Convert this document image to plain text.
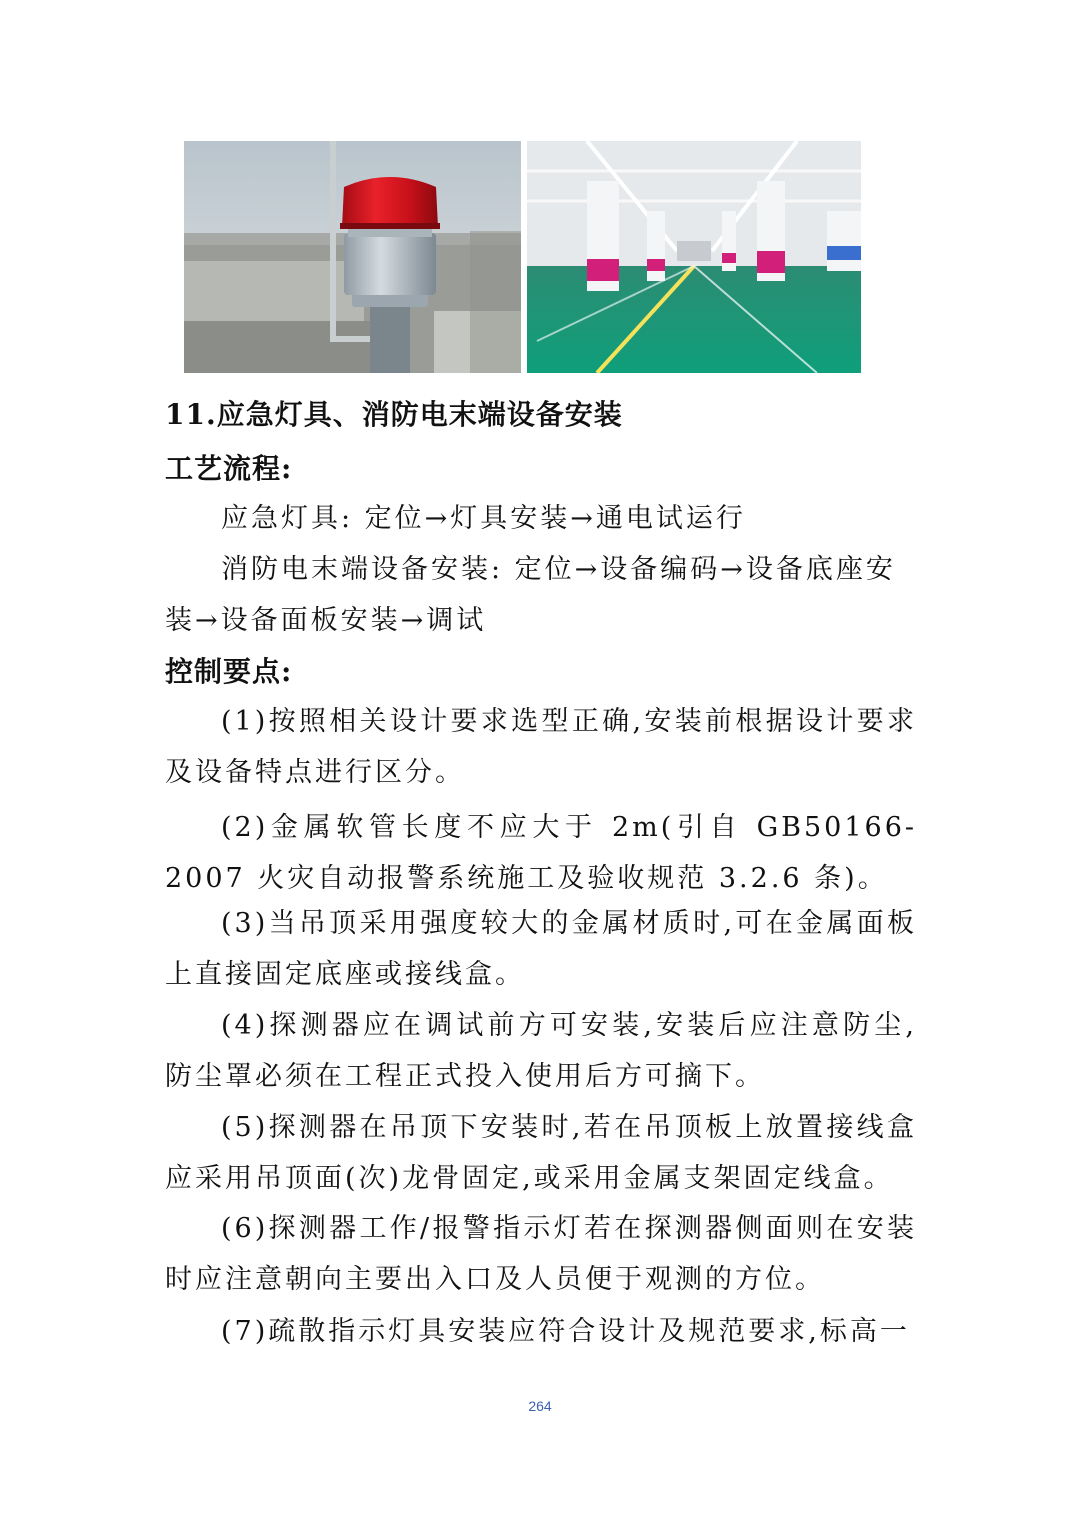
11.应急灯具、消防电末端设备安装
工艺流程:

应急灯具: 定位→灯具安装→通电试运行

消防电末端设备安装: 定位→设备编码→设备底座安装→设备面板安装→调试

控制要点:

(1)按照相关设计要求选型正确,安装前根据设计要求及设备特点进行区分。

(2)金属软管长度不应大于 2m(引自 GB50166-2007 火灾自动报警系统施工及验收规范 3.2.6 条)。

(3)当吊顶采用强度较大的金属材质时,可在金属面板上直接固定底座或接线盒。

(4)探测器应在调试前方可安装,安装后应注意防尘,防尘罩必须在工程正式投入使用后方可摘下。

(5)探测器在吊顶下安装时,若在吊顶板上放置接线盒应采用吊顶面(次)龙骨固定,或采用金属支架固定线盒。

(6)探测器工作/报警指示灯若在探测器侧面则在安装时应注意朝向主要出入口及人员便于观测的方位。

(7)疏散指示灯具安装应符合设计及规范要求,标高一

264
